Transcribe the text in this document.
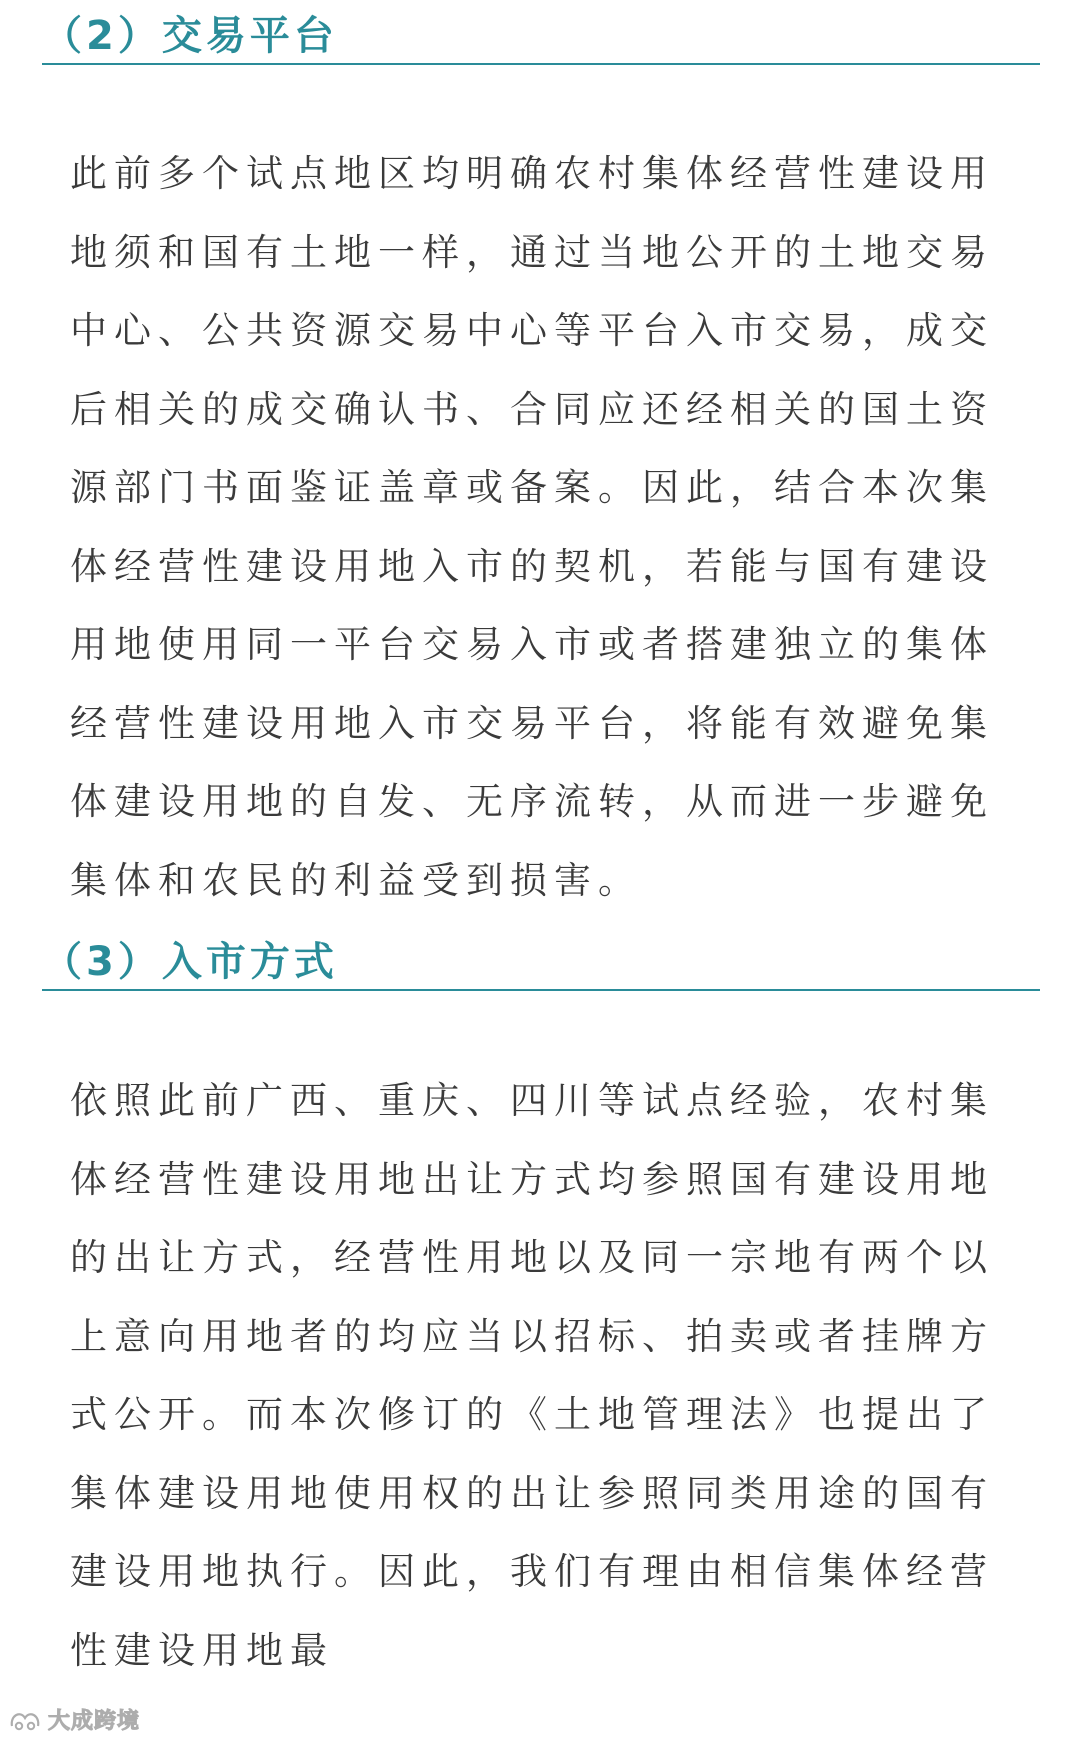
（2）交易平台

此前多个试点地区均明确农村集体经营性建设用地须和国有土地一样，通过当地公开的土地交易中心、公共资源交易中心等平台入市交易，成交后相关的成交确认书、合同应还经相关的国土资源部门书面鉴证盖章或备案。因此，结合本次集体经营性建设用地入市的契机，若能与国有建设用地使用同一平台交易入市或者搭建独立的集体经营性建设用地入市交易平台，将能有效避免集体建设用地的自发、无序流转，从而进一步避免集体和农民的利益受到损害。

（3）入市方式

依照此前广西、重庆、四川等试点经验，农村集体经营性建设用地出让方式均参照国有建设用地的出让方式，经营性用地以及同一宗地有两个以上意向用地者的均应当以招标、拍卖或者挂牌方式公开。而本次修订的《土地管理法》也提出了集体建设用地使用权的出让参照同类用途的国有建设用地执行。因此，我们有理由相信集体经营性建设用地最

大成跨境
